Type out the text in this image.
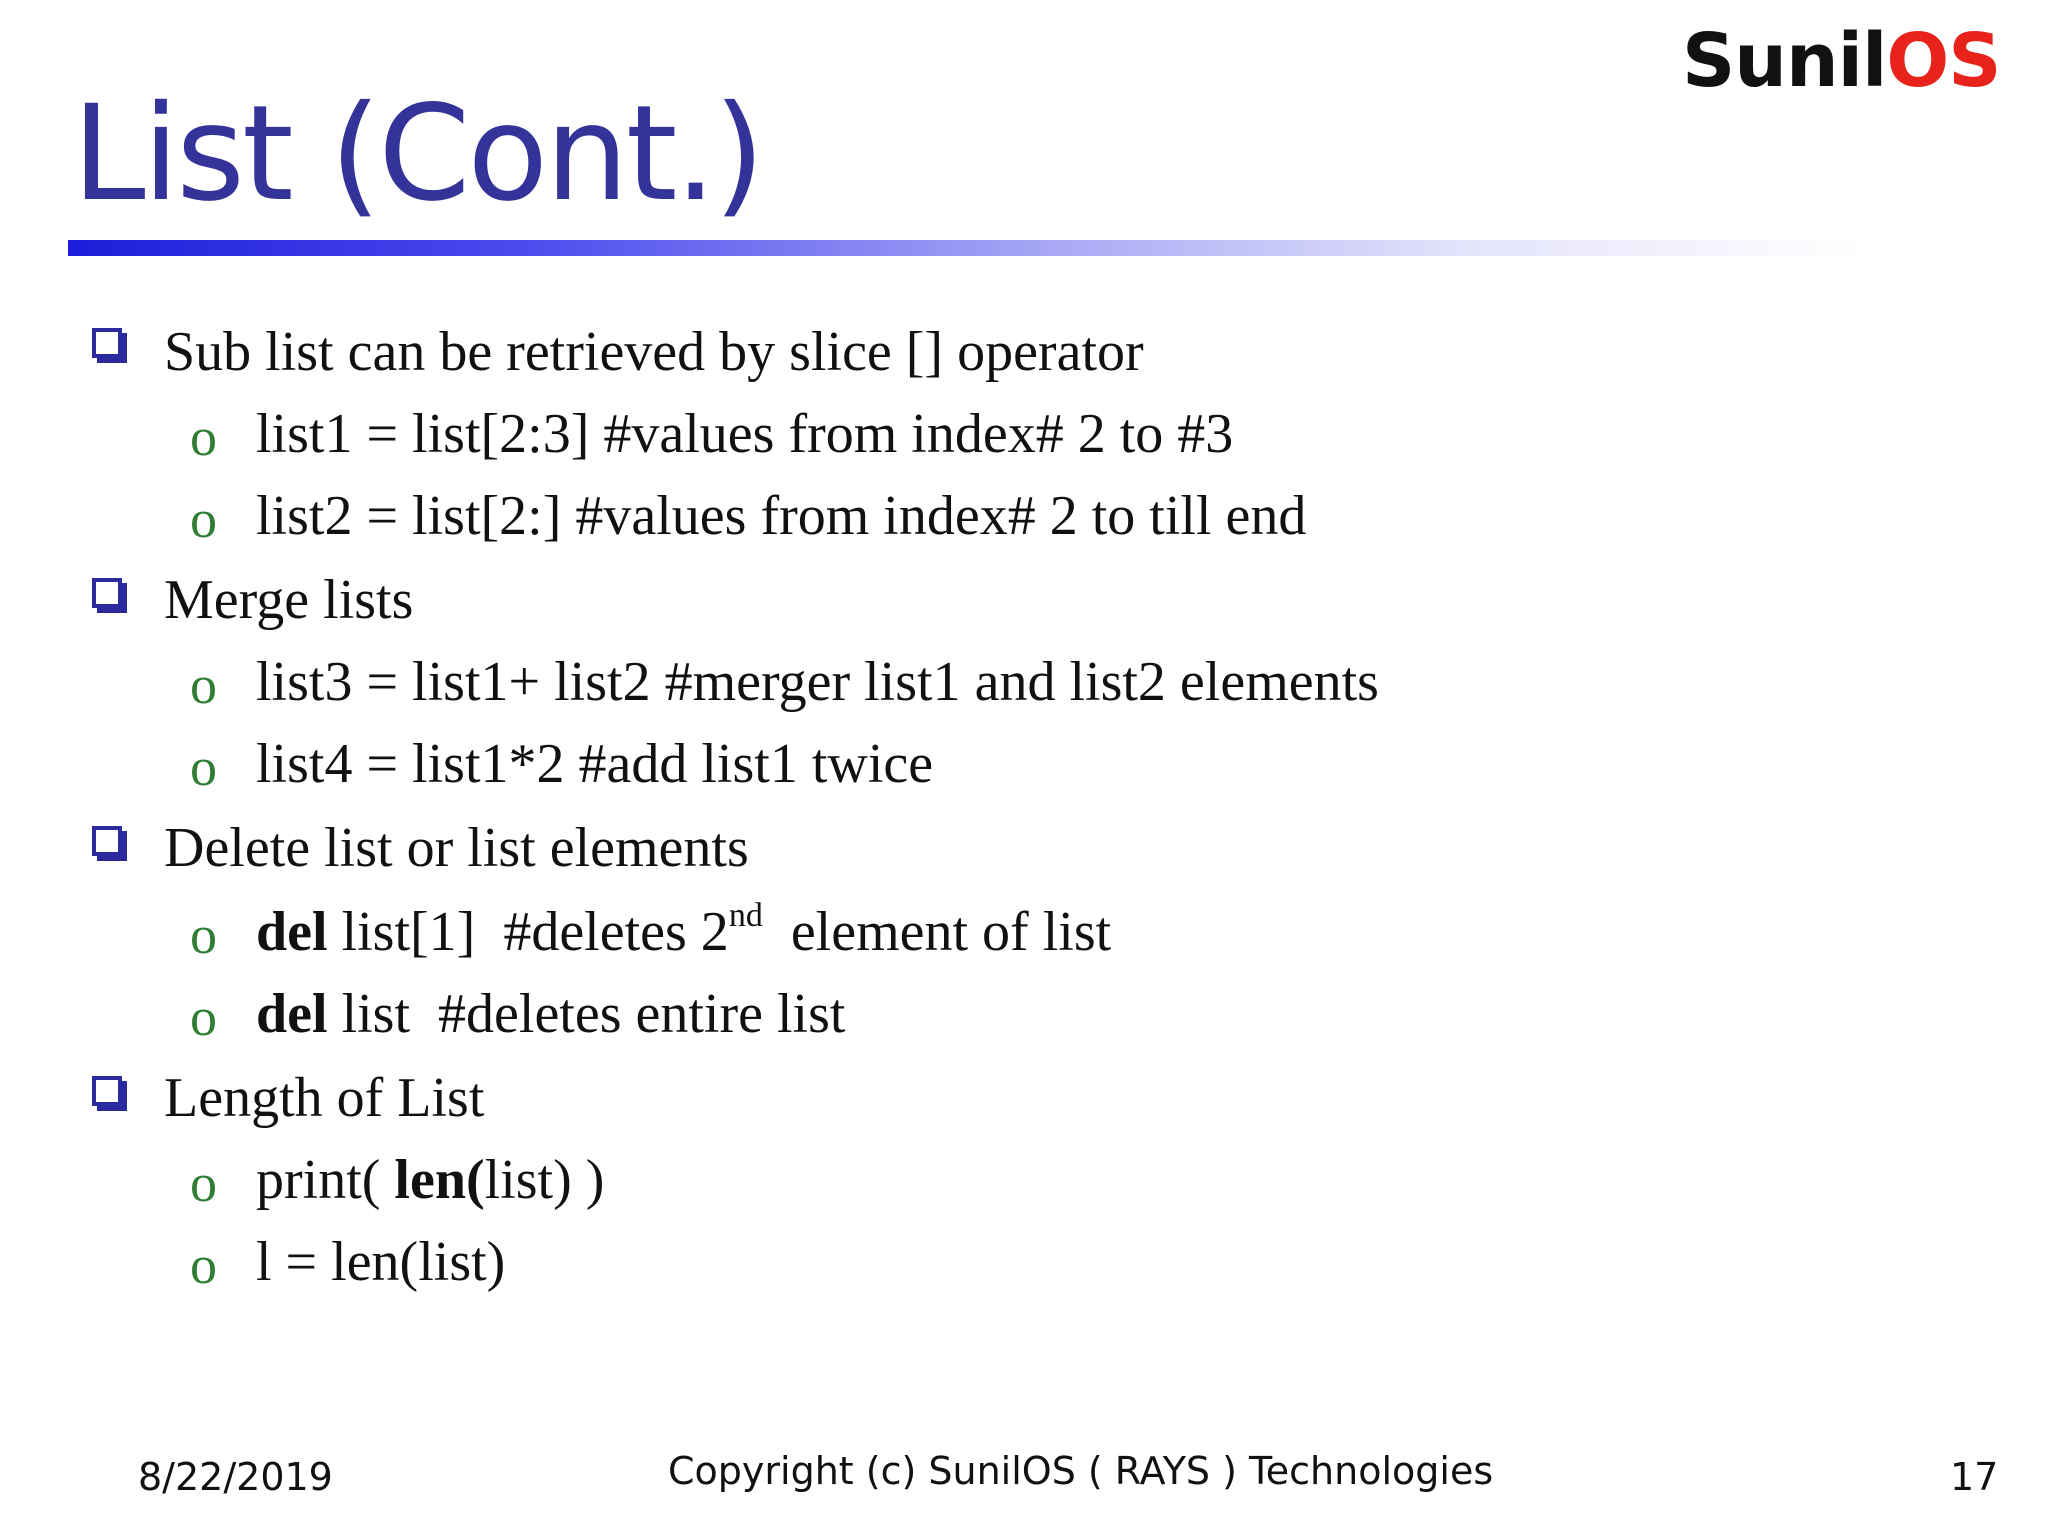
SunilOS
List (Cont.)
Sub list can be retrieved by slice [] operator
o list1 = list[2:3] #values from index# 2 to #3
o list2 = list[2:] #values from index# 2 to till end
Merge lists
o list3 = list1+ list2 #merger list1 and list2 elements
o list4 = list1*2 #add list1 twice
Delete list or list elements
o del list[1]  #deletes 2nd  element of list
o del list  #deletes entire list
Length of List
o print( len(list) )
o l = len(list)
8/22/2019	Copyright (c) SunilOS ( RAYS ) Technologies	17
